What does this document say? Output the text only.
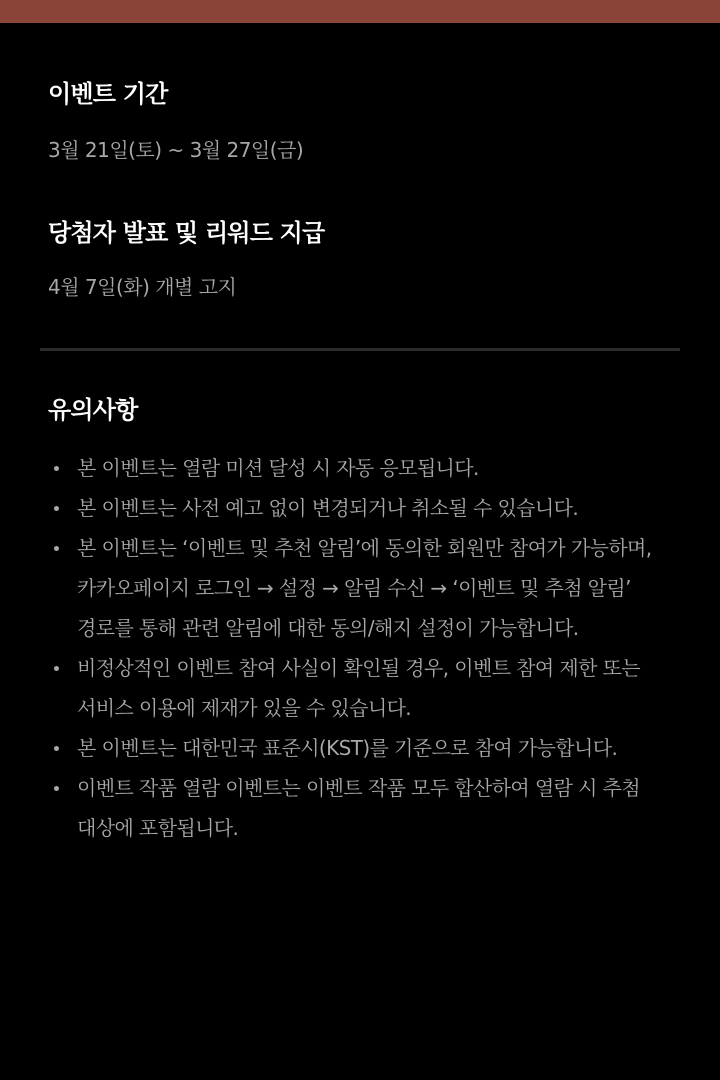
이벤트 기간
3월 21일(토) ~ 3월 27일(금)
당첨자 발표 및 리워드 지급
4월 7일(화) 개별 고지
유의사항
본 이벤트는 열람 미션 달성 시 자동 응모됩니다.
본 이벤트는 사전 예고 없이 변경되거나 취소될 수 있습니다.
본 이벤트는 ‘이벤트 및 추천 알림’에 동의한 회원만 참여가 가능하며, 카카오페이지 로그인 → 설정 → 알림 수신 → ‘이벤트 및 추첨 알림’ 경로를 통해 관련 알림에 대한 동의/해지 설정이 가능합니다.
비정상적인 이벤트 참여 사실이 확인될 경우, 이벤트 참여 제한 또는 서비스 이용에 제재가 있을 수 있습니다.
본 이벤트는 대한민국 표준시(KST)를 기준으로 참여 가능합니다.
이벤트 작품 열람 이벤트는 이벤트 작품 모두 합산하여 열람 시 추첨 대상에 포함됩니다.
